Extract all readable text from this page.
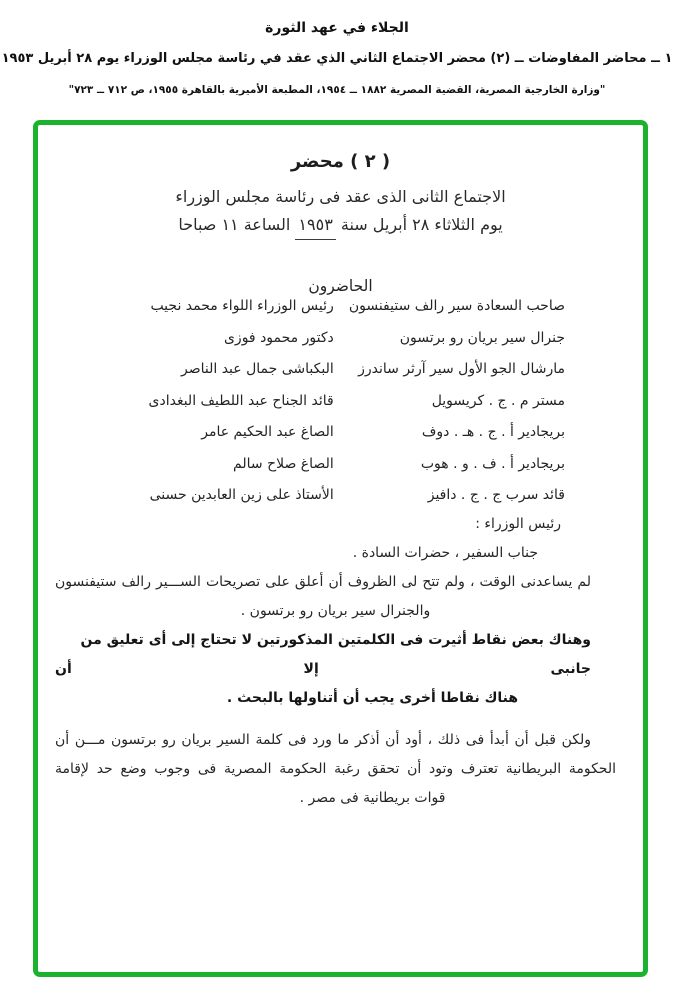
الجلاء في عهد الثورة
١ ــ محاضر المفاوضات ــ (٢) محضر الاجتماع الثاني الذي عقد في رئاسة مجلس الوزراء يوم ٢٨ أبريل ١٩٥٣
"وزارة الخارجية المصرية، القضية المصرية ١٨٨٢ ــ ١٩٥٤، المطبعة الأميرية بالقاهرة ١٩٥٥، ص ٧١٢ ــ ٧٢٣"
( ٢ ) محضر
الاجتماع الثانى الذى عقد فى رئاسة مجلس الوزراء
يوم الثلاثاء ٢٨ أبريل سنة ١٩٥٣ الساعة ١١ صباحا
الحاضرون
صاحب السعادة سير رالف ستيفنسون
رئيس الوزراء اللواء محمد نجيب
جنرال سير بريان رو برتسون
دكتور محمود فوزى
مارشال الجو الأول سير آرثر ساندرز
البكباشى جمال عبد الناصر
مستر م . ج . كريسويل
قائد الجناح عبد اللطيف البغدادى
بريجادير أ . ج . هـ . دوف
الصاغ عبد الحكيم عامر
بريجادير أ . ف . و . هوب
الصاغ صلاح سالم
قائد سرب ج . ج . دافيز
الأستاذ على زين العابدين حسنى
رئيس الوزراء :
جناب السفير ، حضرات السادة .
لم يساعدنى الوقت ، ولم تتح لى الظروف أن أعلق على تصريحات الســـير رالف ستيفنسون
والجنرال سير بريان رو برتسون .
وهناك بعض نقاط أثيرت فى الكلمتين المذكورتين لا تحتاج إلى أى تعليق من جانبى إلا أن
هناك نقاطا أخرى يجب أن أتناولها بالبحث .
ولكن قبل أن أبدأ فى ذلك ، أود أن أذكر ما ورد فى كلمة السير بريان رو برتسون مـــن أن
الحكومة البريطانية تعترف وتود أن تحقق رغبة الحكومة المصرية فى وجوب وضع حد لإقامة
قوات بريطانية فى مصر .
